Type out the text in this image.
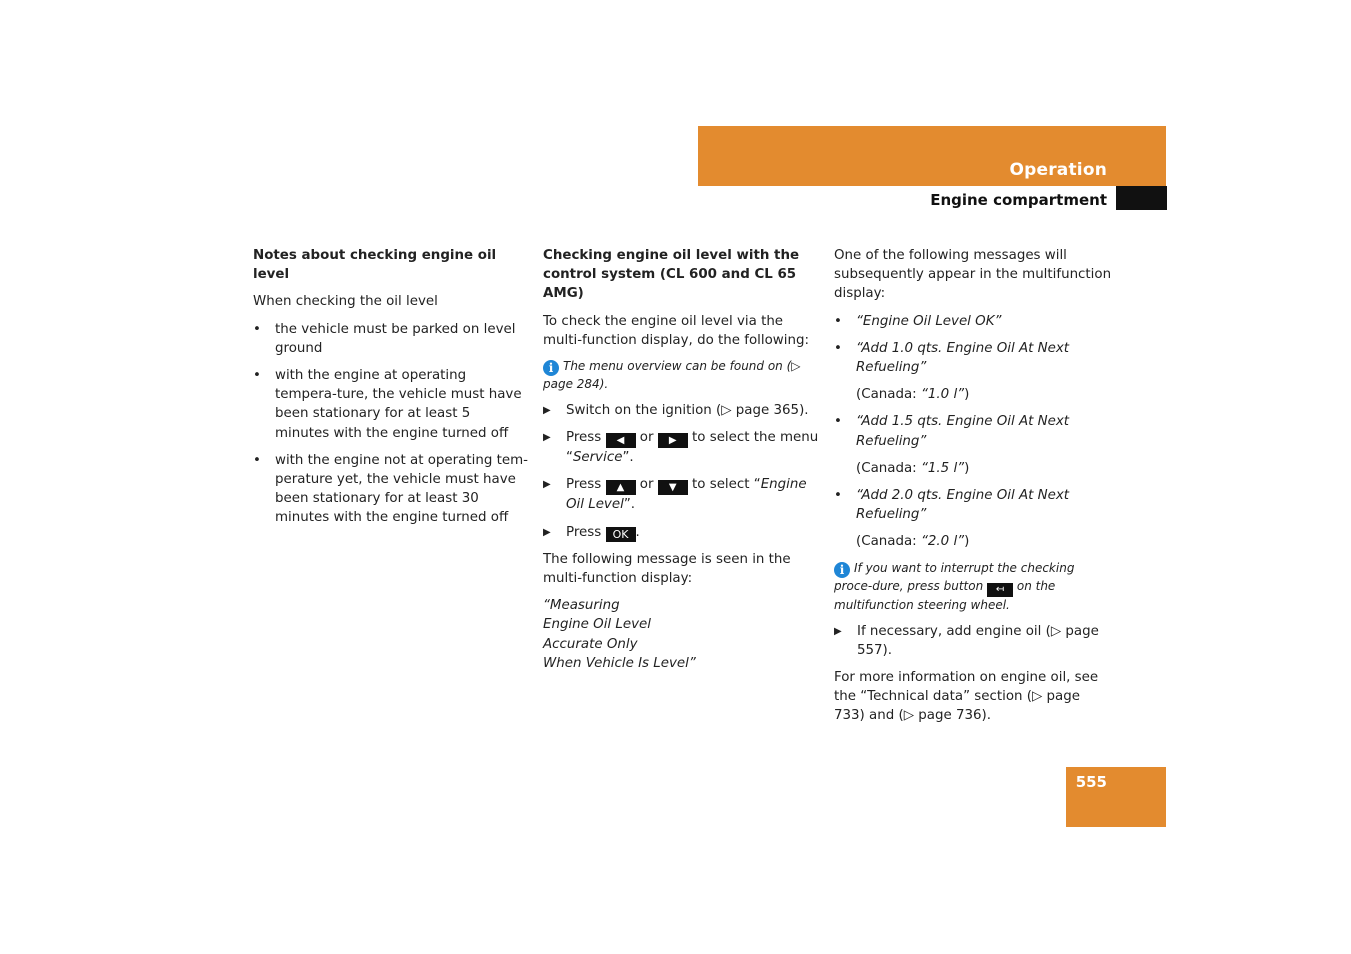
Operation
Engine compartment
555

Notes about checking engine oil level

When checking the oil level

• the vehicle must be parked on level ground
• with the engine at operating tempera-ture, the vehicle must have been stationary for at least 5 minutes with the engine turned off
• with the engine not at operating tem-perature yet, the vehicle must have been stationary for at least 30 minutes with the engine turned off

Checking engine oil level with the control system (CL 600 and CL 65 AMG)

To check the engine oil level via the multi-function display, do the following:

i The menu overview can be found on (▷ page 284).

▶ Switch on the ignition (▷ page 365).
▶ Press ◀ or ▶ to select the menu “Service”.
▶ Press ▲ or ▼ to select “Engine Oil Level”.
▶ Press OK .

The following message is seen in the multi-function display:

“Measuring
Engine Oil Level
Accurate Only
When Vehicle Is Level”

One of the following messages will subsequently appear in the multifunction display:

• “Engine Oil Level OK”
• “Add 1.0 qts. Engine Oil At Next Refueling”

(Canada: “1.0 l”)

• “Add 1.5 qts. Engine Oil At Next Refueling”

(Canada: “1.5 l”)

• “Add 2.0 qts. Engine Oil At Next Refueling”

(Canada: “2.0 l”)

i If you want to interrupt the checking proce-dure, press button ↤ on the multifunction steering wheel.

▶ If necessary, add engine oil (▷ page 557).

For more information on engine oil, see the “Technical data” section (▷ page 733) and (▷ page 736).
